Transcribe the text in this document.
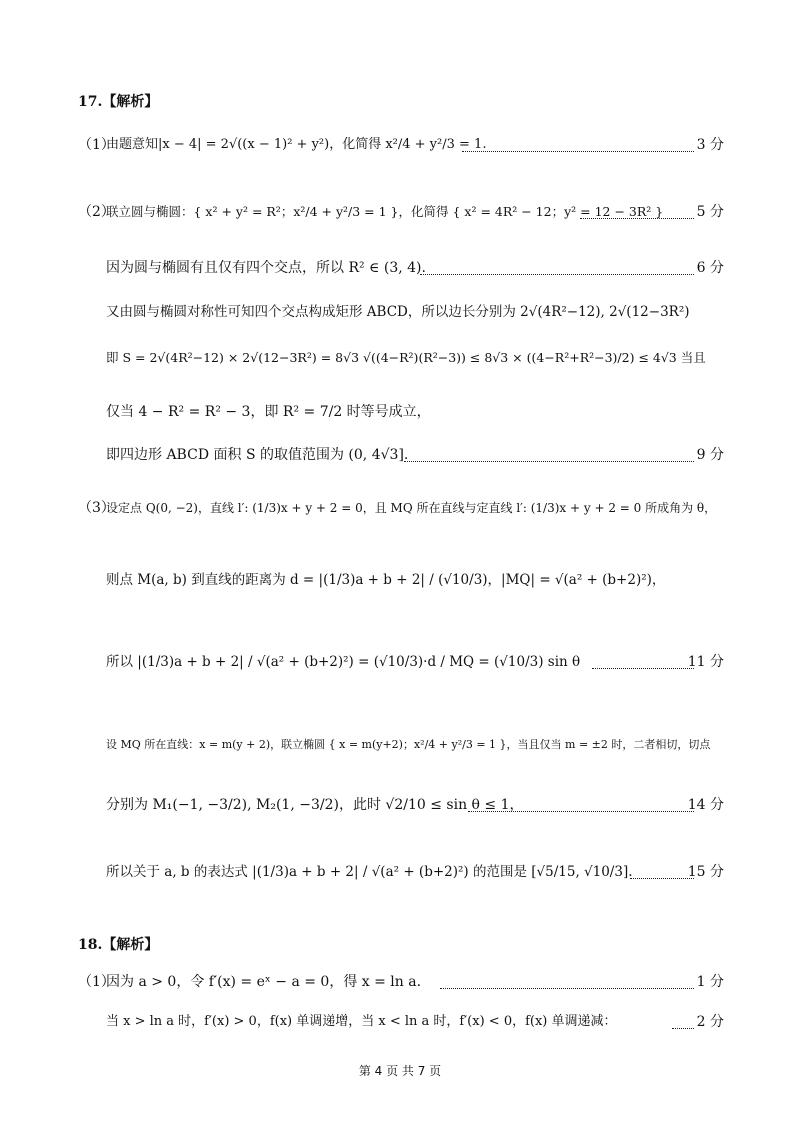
17.【解析】
（1）
由题意知|x − 4| = 2√((x − 1)² + y²)，化简得 x²/4 + y²/3 = 1.	3 分
（2）
联立圆与椭圆：{ x² + y² = R²；x²/4 + y²/3 = 1 }，化简得 { x² = 4R² − 12；y² = 12 − 3R² } 5 分
因为圆与椭圆有且仅有四个交点，所以 R² ∈ (3, 4).	6 分
又由圆与椭圆对称性可知四个交点构成矩形 ABCD，所以边长分别为 2√(4R²−12), 2√(12−3R²)
即 S = 2√(4R²−12) × 2√(12−3R²) = 8√3 √((4−R²)(R²−3)) ≤ 8√3 × ((4−R²+R²−3)/2) ≤ 4√3 当且
仅当 4 − R² = R² − 3，即 R² = 7/2 时等号成立，
即四边形 ABCD 面积 S 的取值范围为 (0, 4√3].	9 分
（3）
设定点 Q(0, −2)，直线 l′: (1/3)x + y + 2 = 0，且 MQ 所在直线与定直线 l′: (1/3)x + y + 2 = 0 所成角为 θ，
则点 M(a, b) 到直线的距离为 d = |(1/3)a + b + 2| / (√10/3)，|MQ| = √(a² + (b+2)²)，
所以 |(1/3)a + b + 2| / √(a² + (b+2)²) = (√10/3)·d / MQ = (√10/3) sin θ	11 分
设 MQ 所在直线：x = m(y + 2)，联立椭圆 { x = m(y+2)；x²/4 + y²/3 = 1 }，当且仅当 m = ±2 时，二者相切，切点
分别为 M₁(−1, −3/2), M₂(1, −3/2)，此时 √2/10 ≤ sin θ ≤ 1，	14 分
所以关于 a, b 的表达式 |(1/3)a + b + 2| / √(a² + (b+2)²) 的范围是 [√5/15, √10/3].	15 分
18.【解析】
（1）
因为 a > 0，令 f′(x) = eˣ − a = 0，得 x = ln a.	1 分
当 x > ln a 时，f′(x) > 0，f(x) 单调递增，当 x < ln a 时，f′(x) < 0，f(x) 单调递减：	2 分
第 4 页 共 7 页
